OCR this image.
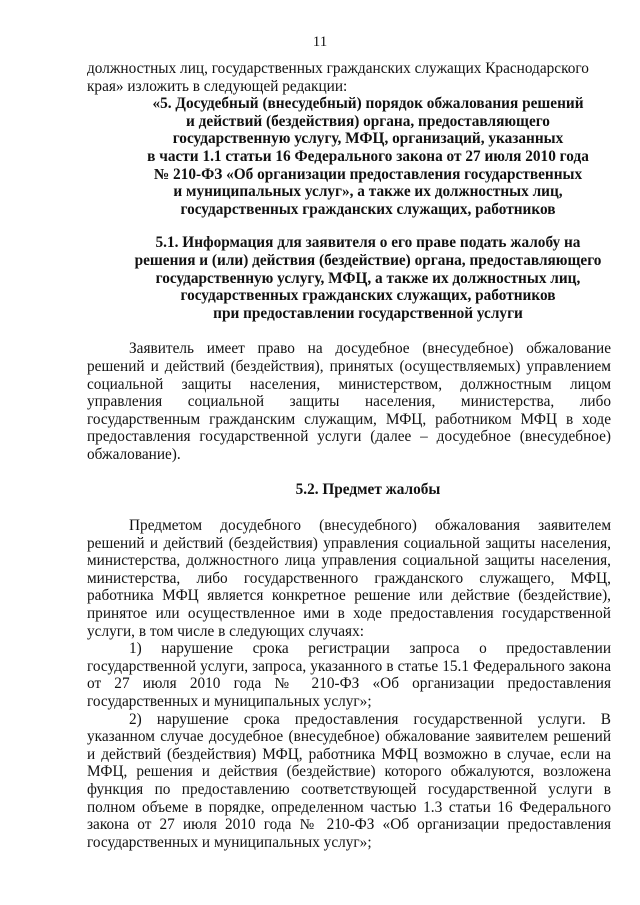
11

должностных лиц, государственных гражданских служащих Краснодарского
края» изложить в следующей редакции:

«5. Досудебный (внесудебный) порядок обжалования решений
и действий (бездействия) органа, предоставляющего
государственную услугу, МФЦ, организаций, указанных
в части 1.1 статьи 16 Федерального закона от 27 июля 2010 года
№ 210-ФЗ «Об организации предоставления государственных
и муниципальных услуг», а также их должностных лиц,
государственных гражданских служащих, работников
5.1. Информация для заявителя о его праве подать жалобу на
решения и (или) действия (бездействие) органа, предоставляющего
государственную услугу, МФЦ, а также их должностных лиц,
государственных гражданских служащих, работников
при предоставлении государственной услуги

Заявитель имеет право на досудебное (внесудебное) обжалование решений и действий (бездействия), принятых (осуществляемых) управлением социальной защиты населения, министерством, должностным лицом управления социальной защиты населения, министерства, либо государственным гражданским служащим, МФЦ, работником МФЦ в ходе предоставления государственной услуги (далее – досудебное (внесудебное) обжалование).

5.2. Предмет жалобы

Предметом досудебного (внесудебного) обжалования заявителем решений и действий (бездействия) управления социальной защиты населения, министерства, должностного лица управления социальной защиты населения, министерства, либо государственного гражданского служащего, МФЦ, работника МФЦ является конкретное решение или действие (бездействие), принятое или осуществленное ими в ходе предоставления государственной услуги, в том числе в следующих случаях:

1) нарушение срока регистрации запроса о предоставлении государственной услуги, запроса, указанного в статье 15.1 Федерального закона от 27 июля 2010 года № 210-ФЗ «Об организации предоставления государственных и муниципальных услуг»;

2) нарушение срока предоставления государственной услуги. В указанном случае досудебное (внесудебное) обжалование заявителем решений и действий (бездействия) МФЦ, работника МФЦ возможно в случае, если на МФЦ, решения и действия (бездействие) которого обжалуются, возложена функция по предоставлению соответствующей государственной услуги в полном объеме в порядке, определенном частью 1.3 статьи 16 Федерального закона от 27 июля 2010 года № 210-ФЗ «Об организации предоставления государственных и муниципальных услуг»;
